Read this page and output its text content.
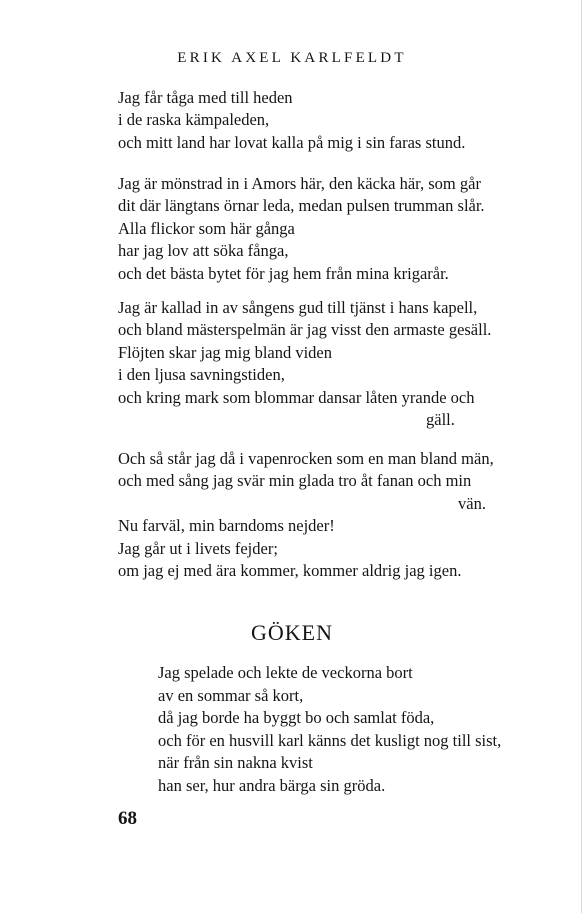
ERIK AXEL KARLFELDT
Jag får tåga med till heden
i de raska kämpaleden,
och mitt land har lovat kalla på mig i sin faras stund.
Jag är mönstrad in i Amors här, den käcka här, som går
dit där längtans örnar leda, medan pulsen trumman slår.
Alla flickor som här gånga
har jag lov att söka fånga,
och det bästa bytet för jag hem från mina krigarår.
Jag är kallad in av sångens gud till tjänst i hans kapell,
och bland mästerspelmän är jag visst den armaste gesäll.
Flöjten skar jag mig bland viden
i den ljusa savningstiden,
och kring mark som blommar dansar låten yrande och
gäll.
Och så står jag då i vapenrocken som en man bland män,
och med sång jag svär min glada tro åt fanan och min
vän.
Nu farväl, min barndoms nejder!
Jag går ut i livets fejder;
om jag ej med ära kommer, kommer aldrig jag igen.
GÖKEN
Jag spelade och lekte de veckorna bort
av en sommar så kort,
då jag borde ha byggt bo och samlat föda,
och för en husvill karl känns det kusligt nog till sist,
när från sin nakna kvist
han ser, hur andra bärga sin gröda.
68
